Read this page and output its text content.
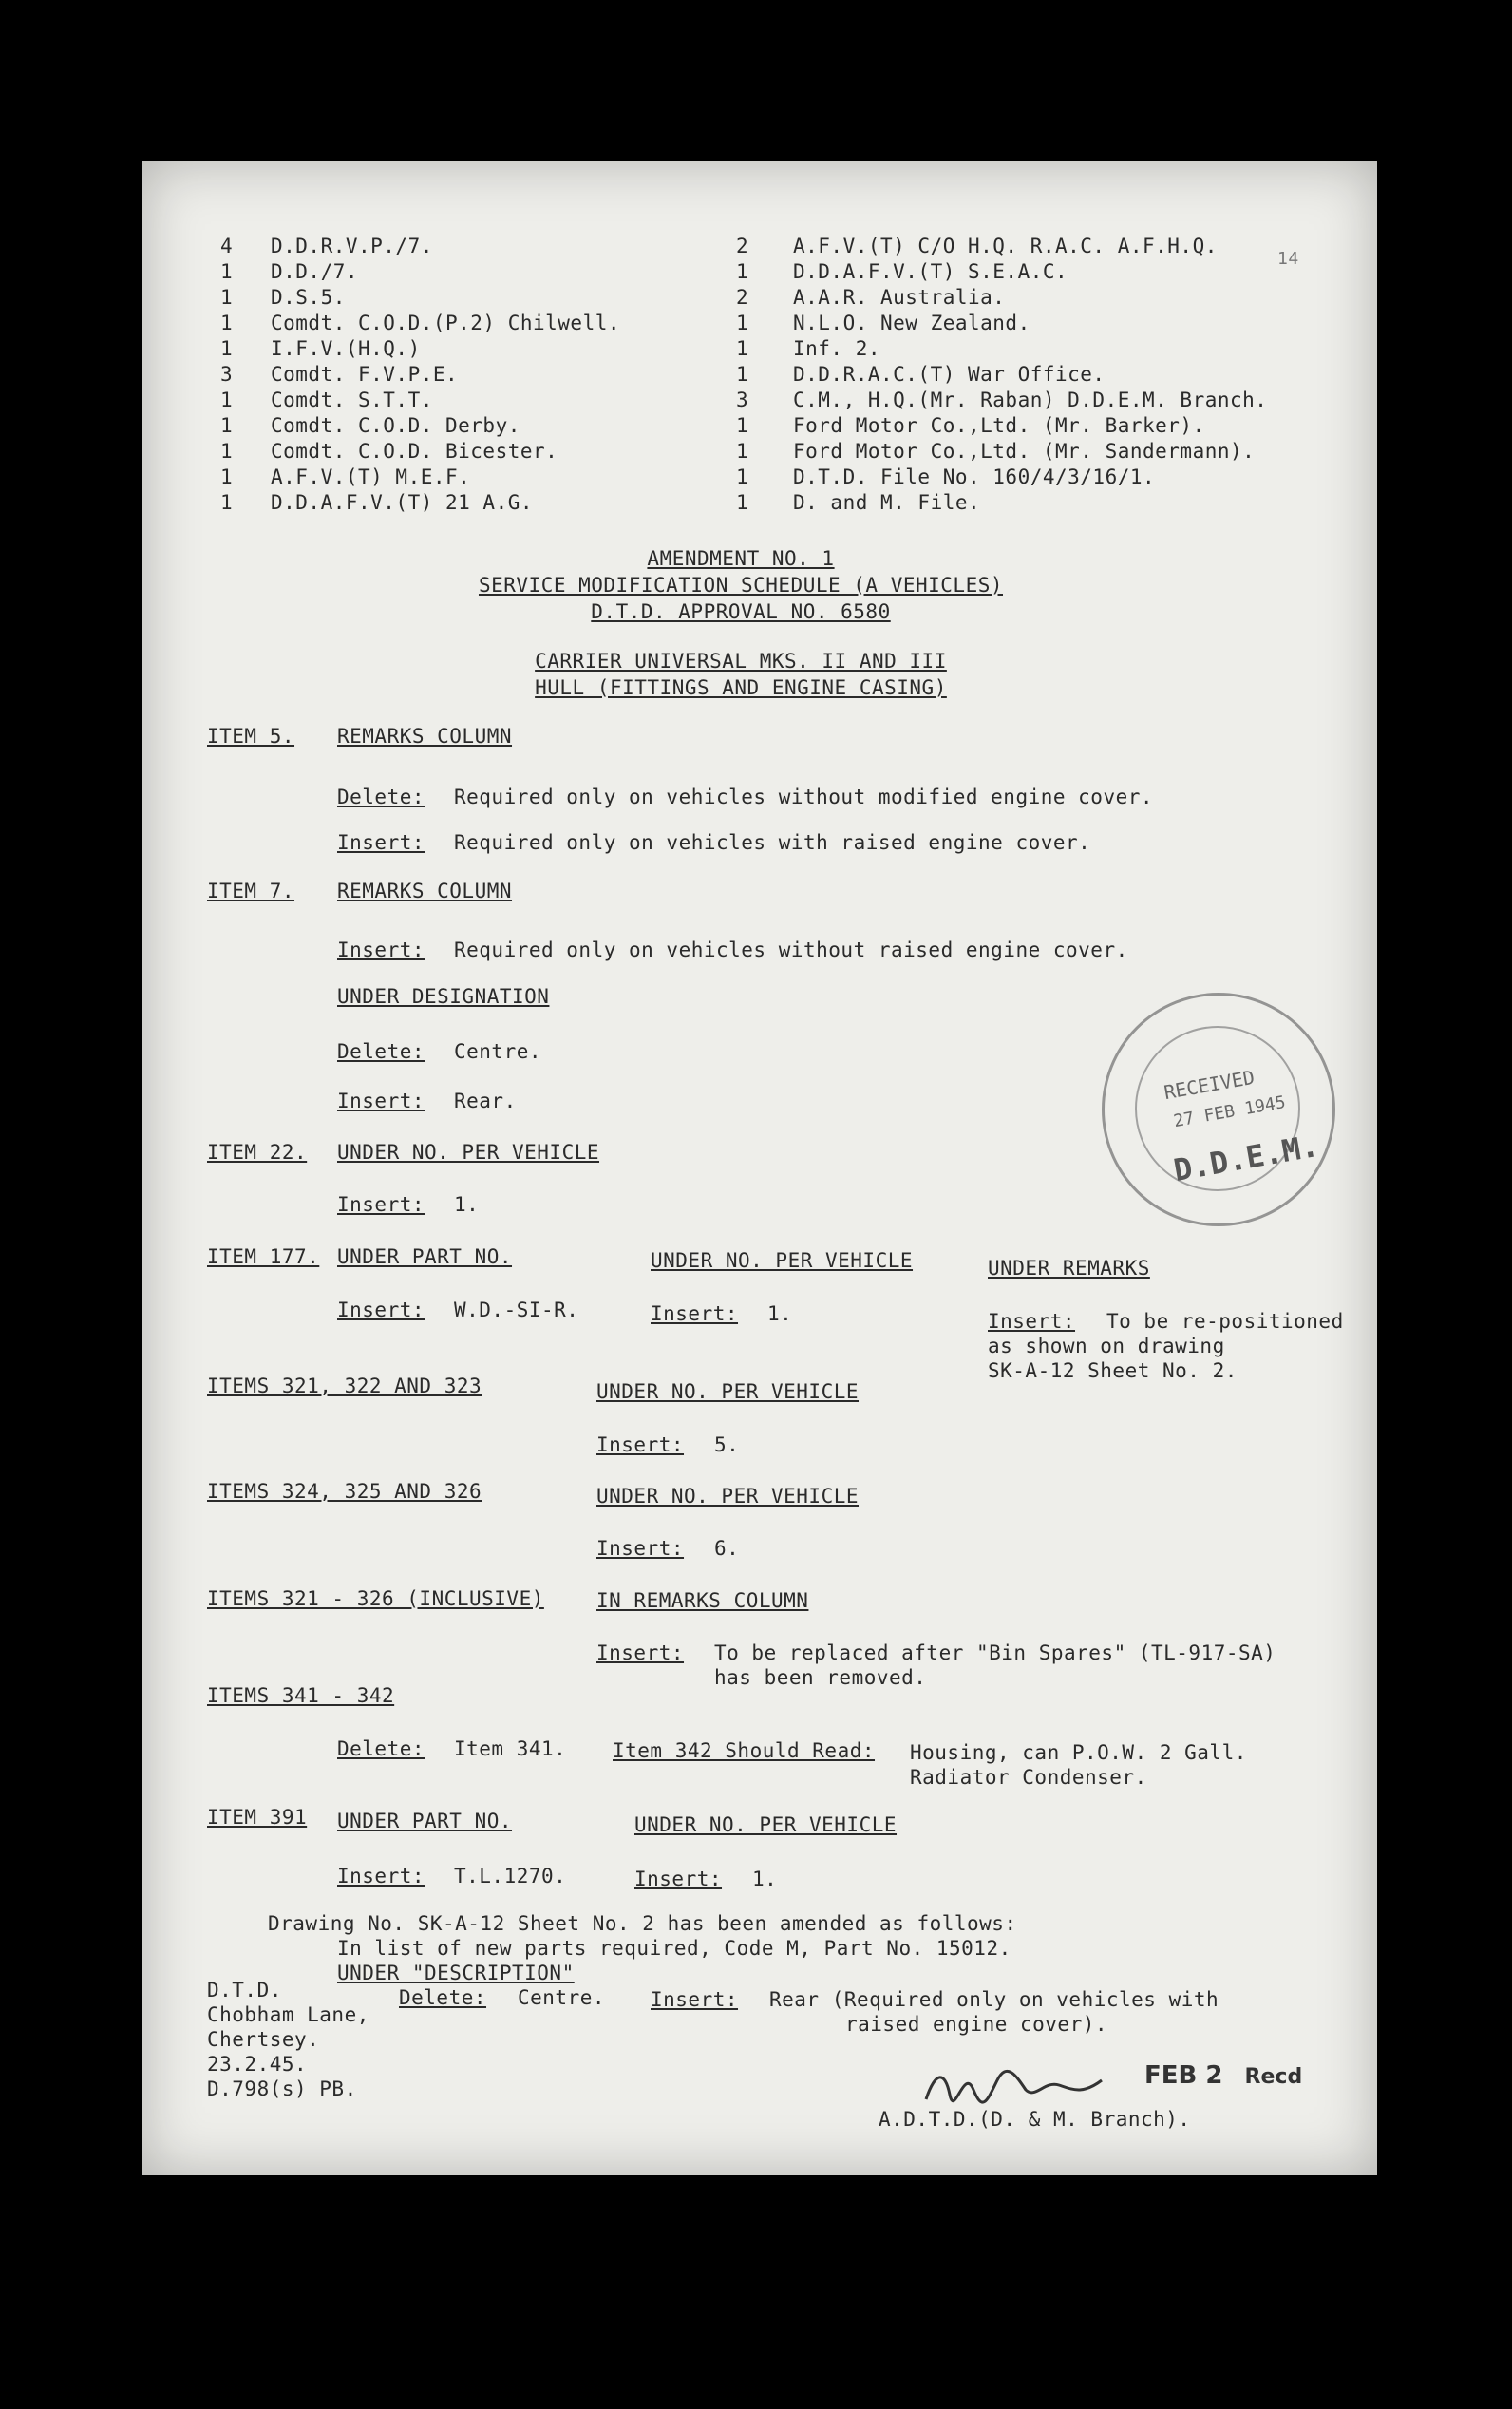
4 D.D.R.V.P./7.
1 D.D./7.
1 D.S.5.
1 Comdt. C.O.D.(P.2) Chilwell.
1 I.F.V.(H.Q.)
3 Comdt. F.V.P.E.
1 Comdt. S.T.T.
1 Comdt. C.O.D. Derby.
1 Comdt. C.O.D. Bicester.
1 A.F.V.(T) M.E.F.
1 D.D.A.F.V.(T) 21 A.G.
2 A.F.V.(T) C/O H.Q. R.A.C. A.F.H.Q.
1 D.D.A.F.V.(T) S.E.A.C.
2 A.A.R. Australia.
1 N.L.O. New Zealand.
1 Inf. 2.
1 D.D.R.A.C.(T) War Office.
3 C.M., H.Q.(Mr. Raban) D.D.E.M. Branch.
1 Ford Motor Co.,Ltd. (Mr. Barker).
1 Ford Motor Co.,Ltd. (Mr. Sandermann).
1 D.T.D. File No. 160/4/3/16/1.
1 D. and M. File.
14
AMENDMENT NO. 1
SERVICE MODIFICATION SCHEDULE (A VEHICLES)
D.T.D. APPROVAL NO. 6580
CARRIER UNIVERSAL MKS. II AND III
HULL (FITTINGS AND ENGINE CASING)
ITEM 5. REMARKS COLUMN
Delete: Required only on vehicles without modified engine cover.
Insert: Required only on vehicles with raised engine cover.
ITEM 7. REMARKS COLUMN
Insert: Required only on vehicles without raised engine cover.
UNDER DESIGNATION
Delete: Centre.
Insert: Rear.
ITEM 22. UNDER NO. PER VEHICLE
Insert: 1.
ITEM 177. UNDER PART NO.	UNDER NO. PER VEHICLE	UNDER REMARKS
Insert: W.D.-SI-R.	Insert: 1.	Insert: To be re-positioned
as shown on drawing
SK-A-12 Sheet No. 2.
ITEMS 321, 322 AND 323	UNDER NO. PER VEHICLE
Insert: 5.
ITEMS 324, 325 AND 326	UNDER NO. PER VEHICLE
Insert: 6.
ITEMS 321 - 326 (INCLUSIVE)	IN REMARKS COLUMN
Insert: To be replaced after "Bin Spares" (TL-917-SA)
has been removed.
ITEMS 341 - 342
Delete: Item 341. Item 342 Should Read: Housing, can P.O.W. 2 Gall.
Radiator Condenser.
ITEM 391 UNDER PART NO.	UNDER NO. PER VEHICLE
Insert: T.L.1270.	Insert: 1.
Drawing No. SK-A-12 Sheet No. 2 has been amended as follows:
In list of new parts required, Code M, Part No. 15012.
UNDER "DESCRIPTION"
Delete: Centre. Insert: Rear (Required only on vehicles with
raised engine cover).
D.T.D.
Chobham Lane,
Chertsey.
23.2.45.
D.798(s) PB.
A.D.T.D.(D. & M. Branch).
FEB 2 Recd
RECEIVED
27 FEB 1945
D.D.E.M.
